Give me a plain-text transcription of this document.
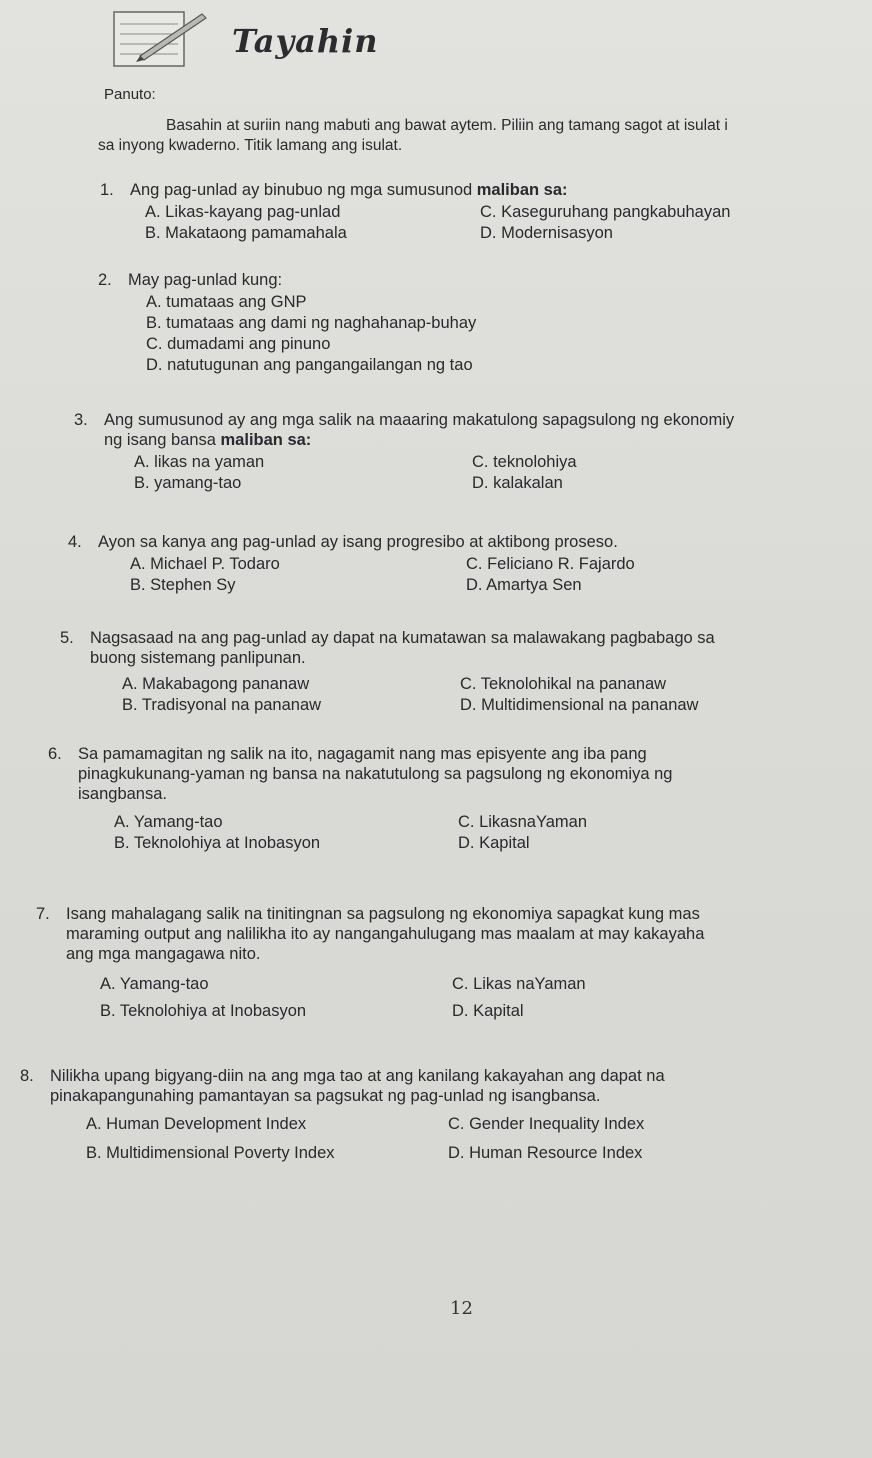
Tayahin
Panuto:
Basahin at suriin nang mabuti ang bawat aytem. Piliin ang tamang sagot at isulat i
sa inyong kwaderno. Titik lamang ang isulat.
1. Ang pag-unlad ay binubuo ng mga sumusunod maliban sa:
A. Likas-kayang pag-unlad	C. Kaseguruhang pangkabuhayan
B. Makataong pamamahala	D. Modernisasyon
2. May pag-unlad kung:
A. tumataas ang GNP
B. tumataas ang dami ng naghahanap-buhay
C. dumadami ang pinuno
D. natutugunan ang pangangailangan ng tao
3. Ang sumusunod ay ang mga salik na maaaring makatulong sapagsulong ng ekonomiy
ng isang bansa maliban sa:
A. likas na yaman	C. teknolohiya
B. yamang-tao	D. kalakalan
4. Ayon sa kanya ang pag-unlad ay isang progresibo at aktibong proseso.
A. Michael P. Todaro	C. Feliciano R. Fajardo
B. Stephen Sy	D. Amartya Sen
5. Nagsasaad na ang pag-unlad ay dapat na kumatawan sa malawakang pagbabago sa
buong sistemang panlipunan.
A. Makabagong pananaw	C. Teknolohikal na pananaw
B. Tradisyonal na pananaw	D. Multidimensional na pananaw
6. Sa pamamagitan ng salik na ito, nagagamit nang mas episyente ang iba pang
pinagkukunang-yaman ng bansa na nakatutulong sa pagsulong ng ekonomiya ng
isangbansa.
A. Yamang-tao	C. LikasnaYaman
B. Teknolohiya at Inobasyon	D. Kapital
7. Isang mahalagang salik na tinitingnan sa pagsulong ng ekonomiya sapagkat kung mas
maraming output ang nalilikha ito ay nangangahulugang mas maalam at may kakayaha
ang mga mangagawa nito.
A. Yamang-tao	C. Likas naYaman
B. Teknolohiya at Inobasyon	D. Kapital
8. Nilikha upang bigyang-diin na ang mga tao at ang kanilang kakayahan ang dapat na
pinakapangunahing pamantayan sa pagsukat ng pag-unlad ng isangbansa.
A. Human Development Index	C. Gender Inequality Index
B. Multidimensional Poverty Index	D. Human Resource Index
12
